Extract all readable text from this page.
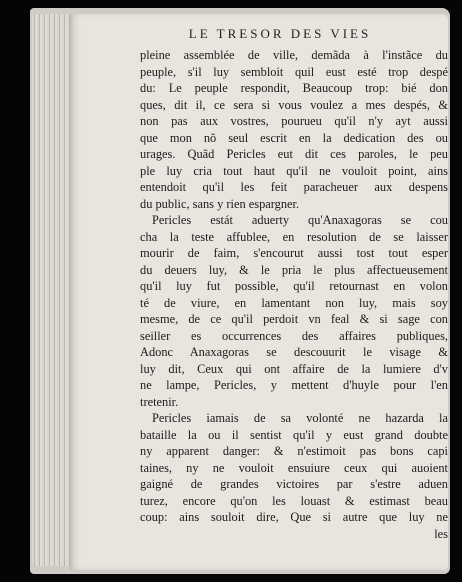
LE TRESOR DES VIES
pleine assemblée de ville, demãda à l'instãce du
peuple, s'il luy sembloit quil eust esté trop despé
du: Le peuple respondit, Beaucoup trop: bié don
ques, dit il, ce sera si vous voulez a mes despés, &
non pas aux vostres, pourueu qu'il n'y ayt aussi
que mon nõ seul escrit en la dedication des ou
urages. Quãd Pericles eut dit ces paroles, le peu
ple luy cria tout haut qu'il ne vouloit point, ains
entendoit qu'il les feit paracheuer aux despens
du public, sans y rien espargner.
Pericles estát aduerty qu'Anaxagoras se cou
cha la teste affublee, en resolution de se laisser
mourir de faim, s'encourut aussi tost tout esper
du deuers luy, & le pria le plus affectueusement
qu'il luy fut possible, qu'il retournast en volon
té de viure, en lamentant non luy, mais soy
mesme, de ce qu'il perdoit vn feal & si sage con
seiller es occurrences des affaires publiques,
Adonc Anaxagoras se descouurit le visage &
luy dit, Ceux qui ont affaire de la lumiere d'v
ne lampe, Pericles, y mettent d'huyle pour l'en
tretenir.
Pericles iamais de sa volonté ne hazarda la
bataille la ou il sentist qu'il y eust grand doubte
ny apparent danger: & n'estimoit pas bons capi
taines, ny ne vouloit ensuiure ceux qui auoient
gaigné de grandes victoires par s'estre aduen
turez, encore qu'on les louast & estimast beau
coup: ains souloit dire, Que si autre que luy ne
les
